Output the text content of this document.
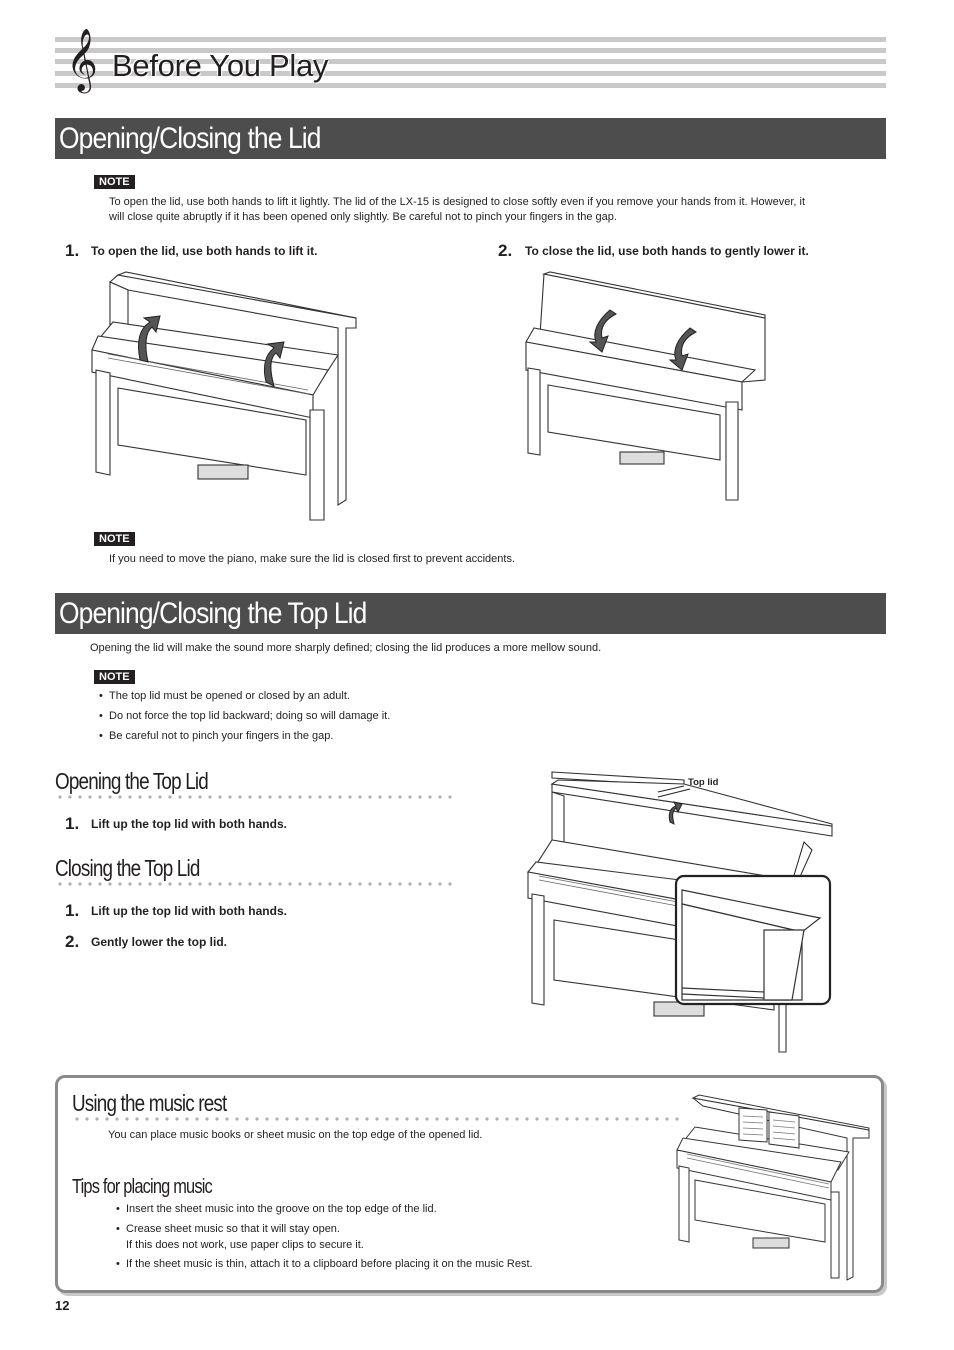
𝄞 Before You Play
Opening/Closing the Lid
NOTE
To open the lid, use both hands to lift it lightly. The lid of the LX-15 is designed to close softly even if you remove your hands from it. However, it
will close quite abruptly if it has been opened only slightly. Be careful not to pinch your fingers in the gap.
1. To open the lid, use both hands to lift it.	2. To close the lid, use both hands to gently lower it.
NOTE
If you need to move the piano, make sure the lid is closed first to prevent accidents.
Opening/Closing the Top Lid
Opening the lid will make the sound more sharply defined; closing the lid produces a more mellow sound.
NOTE
• The top lid must be opened or closed by an adult.
• Do not force the top lid backward; doing so will damage it.
• Be careful not to pinch your fingers in the gap.
Opening the Top Lid
1. Lift up the top lid with both hands.
Closing the Top Lid
1. Lift up the top lid with both hands.
2. Gently lower the top lid.
Top lid
Using the music rest
You can place music books or sheet music on the top edge of the opened lid.
Tips for placing music
• Insert the sheet music into the groove on the top edge of the lid.
• Crease sheet music so that it will stay open.
If this does not work, use paper clips to secure it.
• If the sheet music is thin, attach it to a clipboard before placing it on the music Rest.
12
